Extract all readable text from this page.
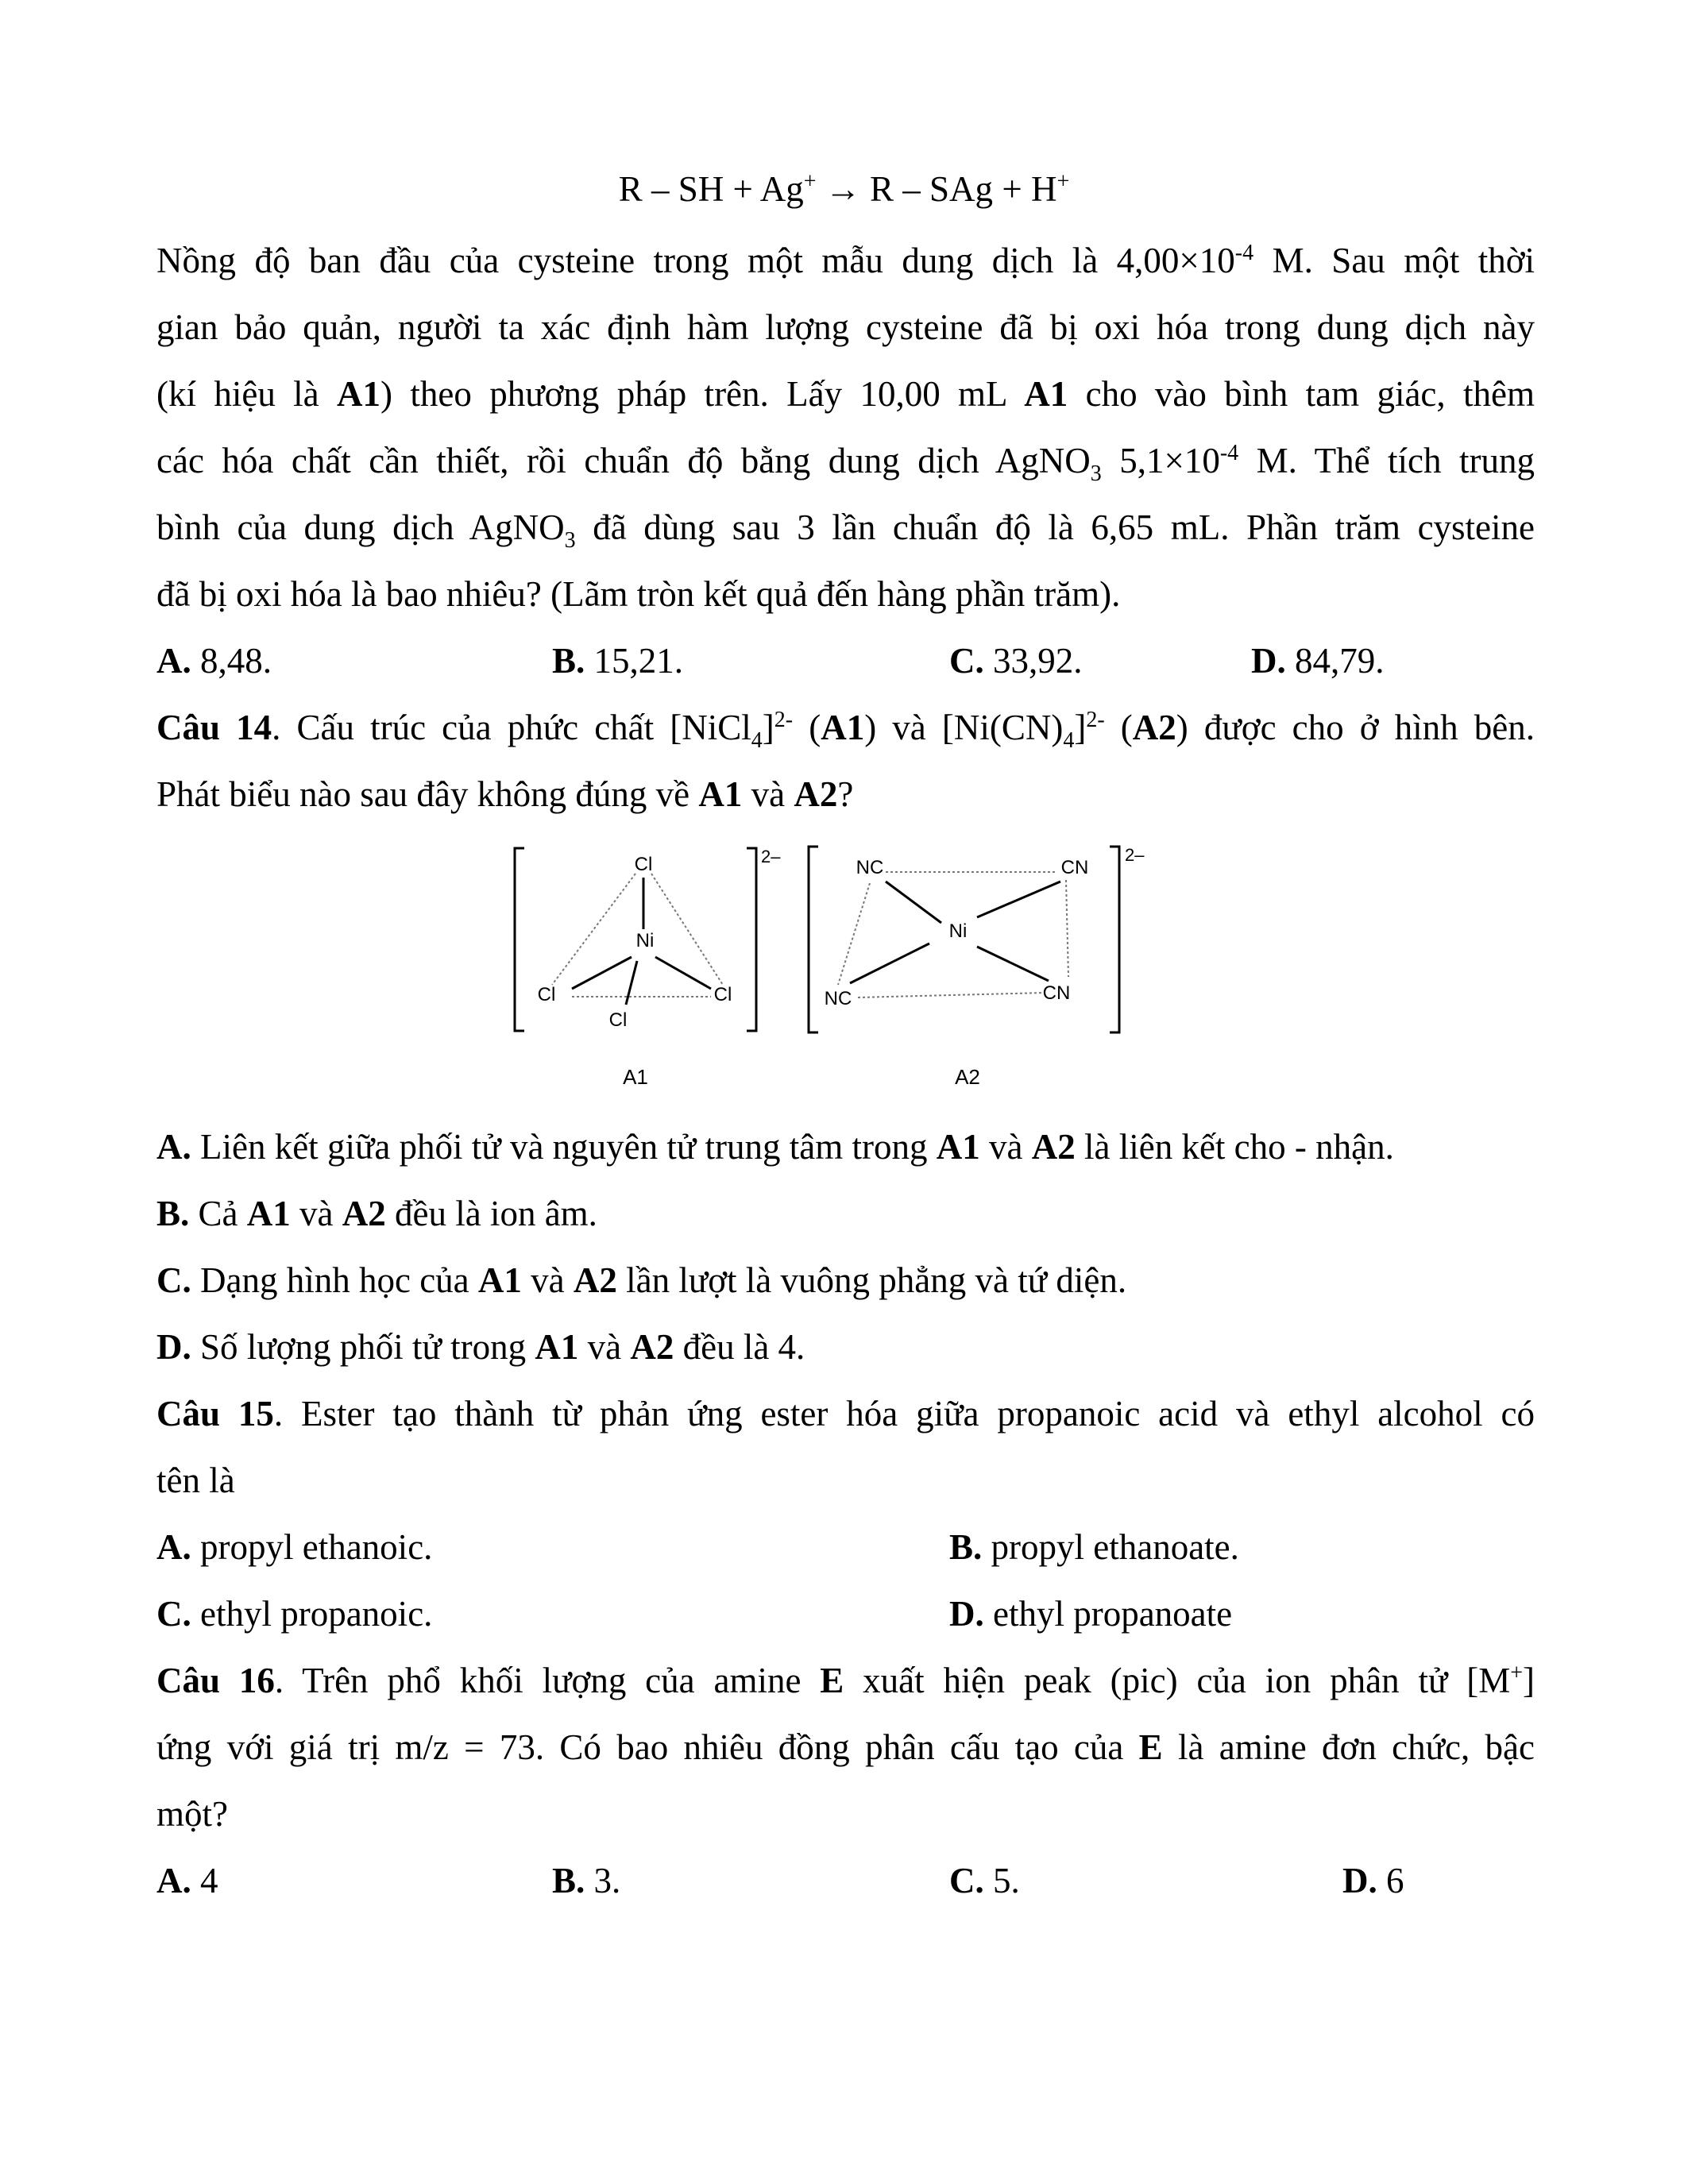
R – SH + Ag+ → R – SAg + H+
Nồng độ ban đầu của cysteine trong một mẫu dung dịch là $4,00\times 10^{-4}$ M. Sau một thời
gian bảo quản, người ta xác định hàm lượng cysteine đã bị oxi hóa trong dung dịch này
(kí hiệu là A1) theo phương pháp trên. Lấy 10,00 mL A1 cho vào bình tam giác, thêm
các hóa chất cần thiết, rồi chuẩn độ bằng dung dịch AgNO$_3$ $5,1\times 10^{-4}$ M. Thể tích trung
bình của dung dịch AgNO$_3$ đã dùng sau 3 lần chuẩn độ là 6,65 mL. Phần trăm cysteine
đã bị oxi hóa là bao nhiêu? (Lãm tròn kết quả đến hàng phần trăm).
A. 8,48.	B. 15,21.	C. 33,92.	D. 84,79.
Câu 14. Cấu trúc của phức chất [NiCl$_4$]$^{2-}$ (A1) và $[Ni(CN)_4]^{2-}$ (A2) được cho ở hình bên.
Phát biểu nào sau đây không đúng về A1 và A2?
Cl
Ni
Cl	Cl
Cl
2–
A1
NC	CN
Ni
NC	CN
2–
A2
A. Liên kết giữa phối tử và nguyên tử trung tâm trong A1 và A2 là liên kết cho - nhận.
B. Cả A1 và A2 đều là ion âm.
C. Dạng hình học của A1 và A2 lần lượt là vuông phẳng và tứ diện.
D. Số lượng phối tử trong A1 và A2 đều là 4.
Câu 15. Ester tạo thành từ phản ứng ester hóa giữa propanoic acid và ethyl alcohol có
tên là
A. propyl ethanoic.	B. propyl ethanoate.
C. ethyl propanoic.	D. ethyl propanoate
Câu 16. Trên phổ khối lượng của amine E xuất hiện peak (pic) của ion phân tử [M+]
ứng với giá trị m/z = 73. Có bao nhiêu đồng phân cấu tạo của E là amine đơn chức, bậc
một?
A. 4	B. 3.	C. 5.	D. 6
